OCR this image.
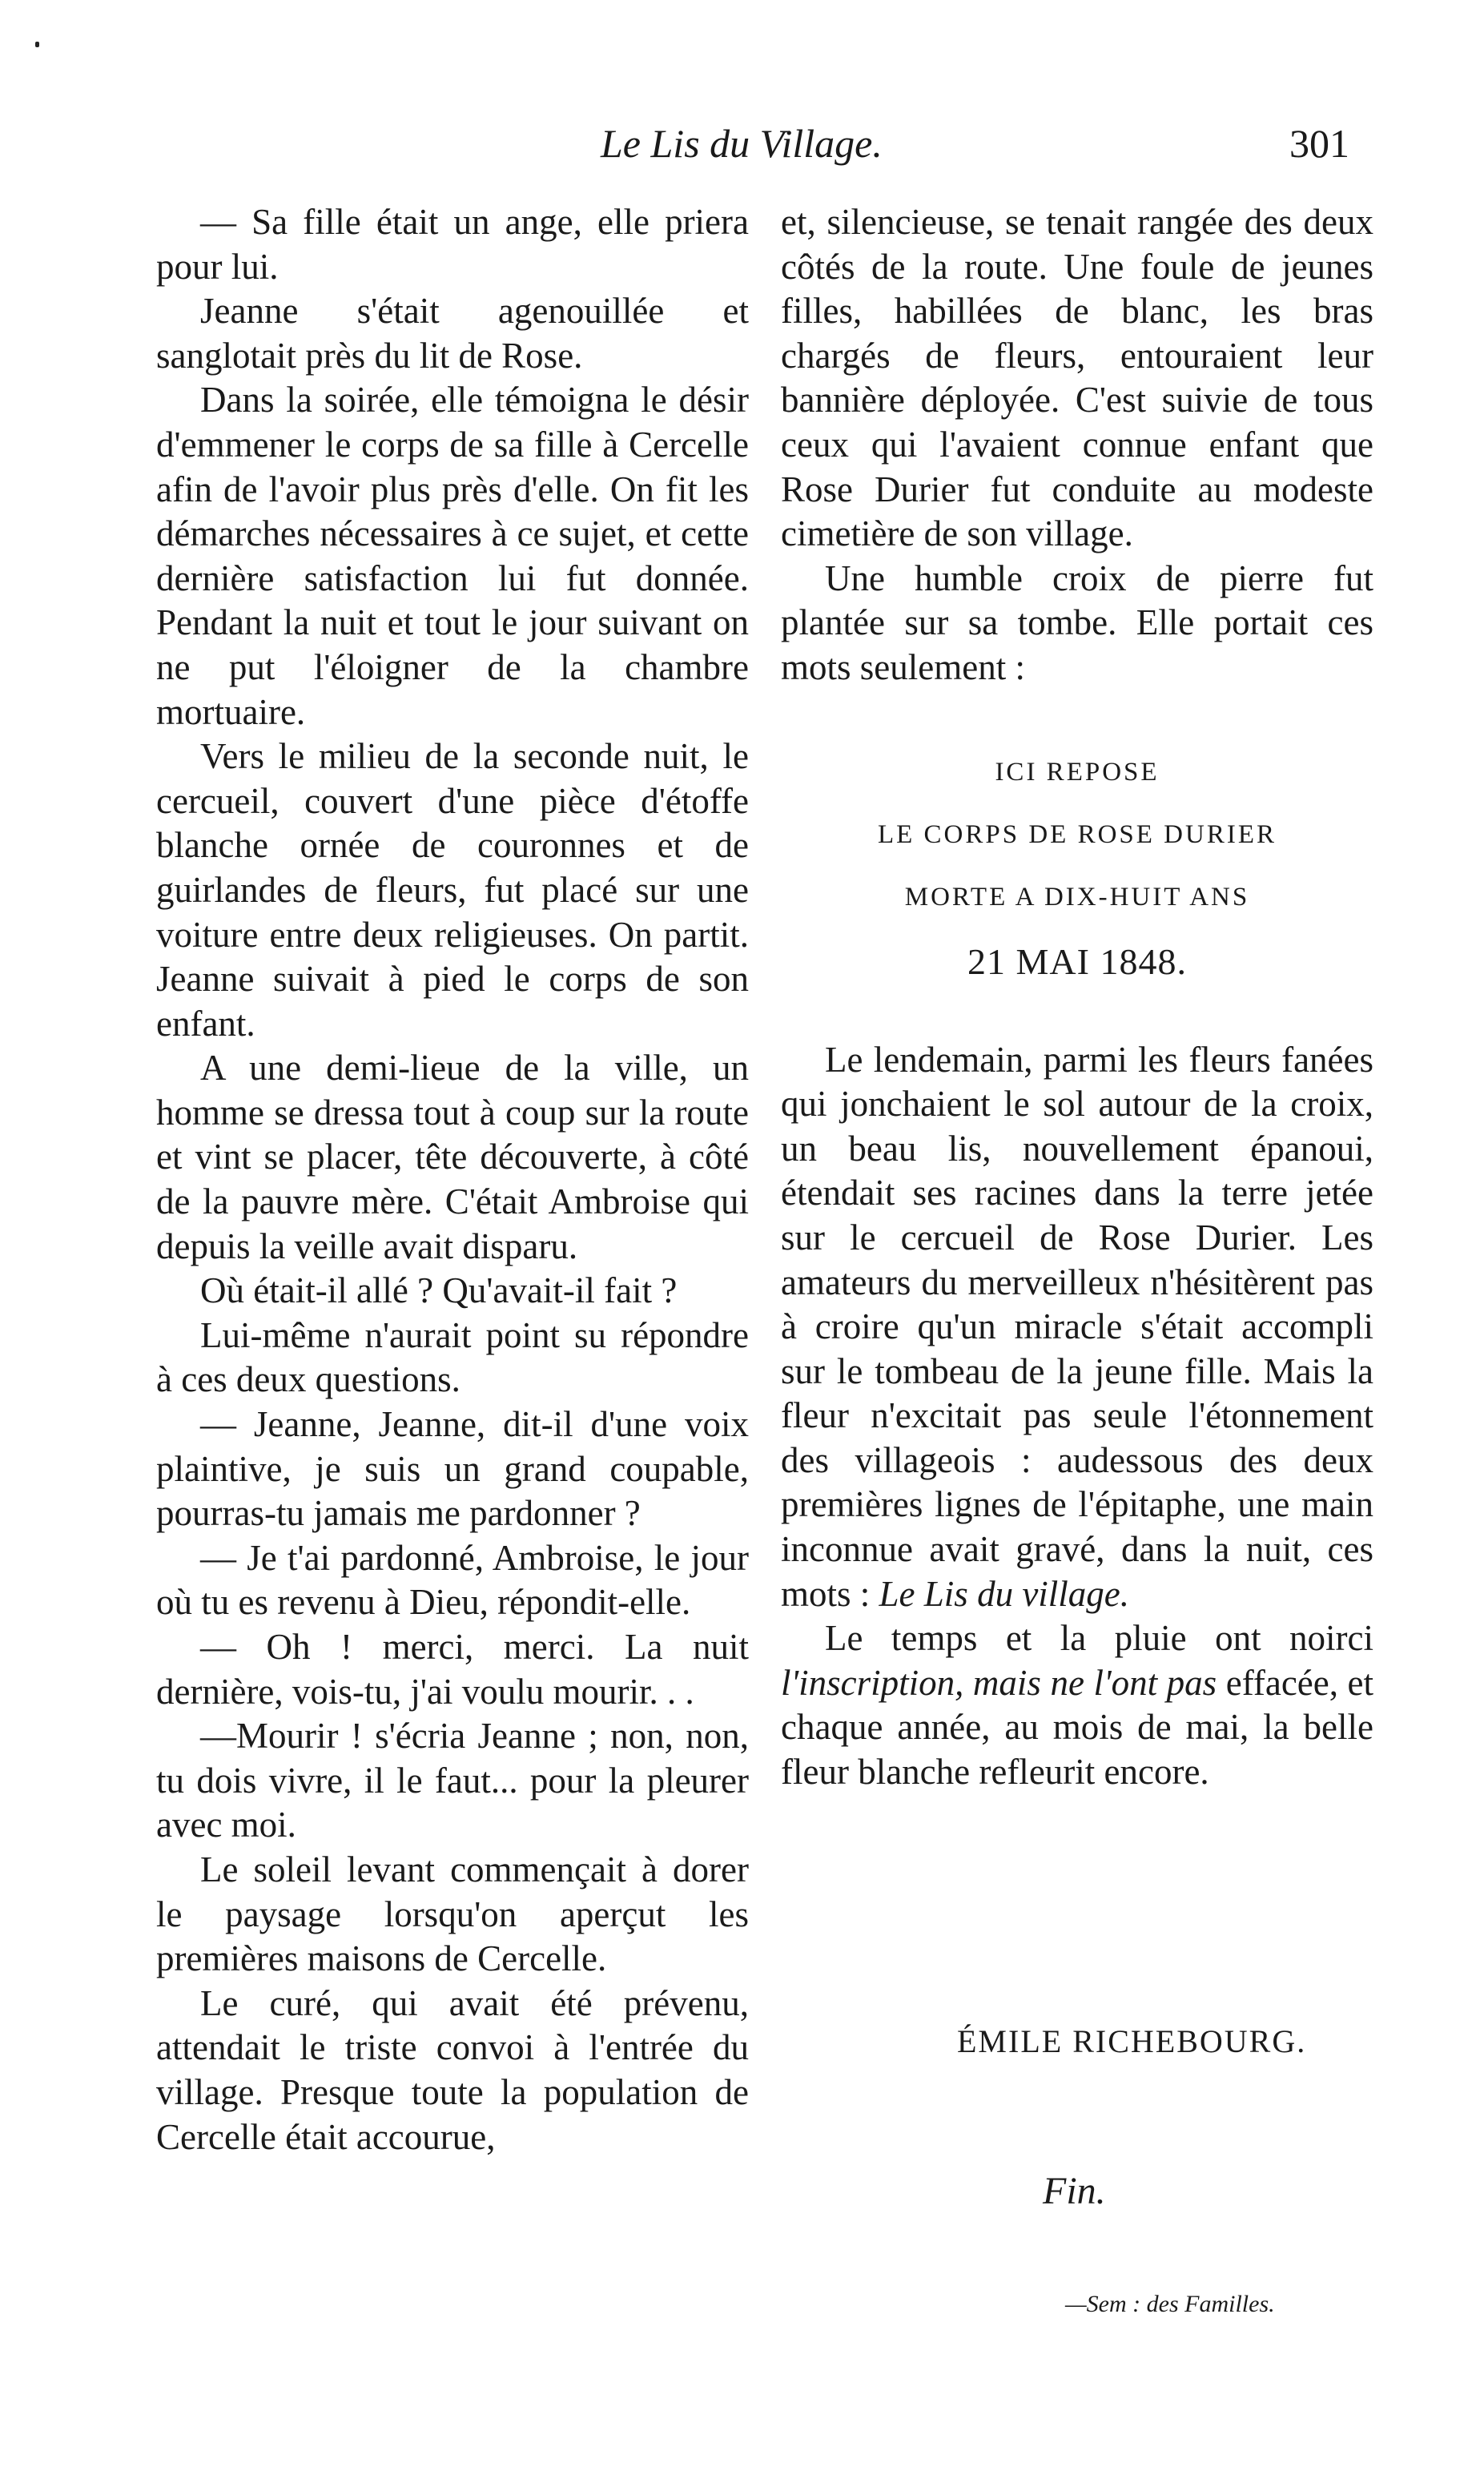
Le Lis du Village.	301

— Sa fille était un ange, elle priera pour lui.

Jeanne s'était agenouillée et sanglotait près du lit de Rose.

Dans la soirée, elle témoigna le désir d'emmener le corps de sa fille à Cercelle afin de l'avoir plus près d'elle. On fit les démarches nécessaires à ce sujet, et cette dernière satisfaction lui fut donnée. Pendant la nuit et tout le jour suivant on ne put l'éloigner de la chambre mortuaire.

Vers le milieu de la seconde nuit, le cercueil, couvert d'une pièce d'étoffe blanche ornée de couronnes et de guirlandes de fleurs, fut placé sur une voiture entre deux religieuses. On partit. Jeanne suivait à pied le corps de son enfant.

A une demi-lieue de la ville, un homme se dressa tout à coup sur la route et vint se placer, tête découverte, à côté de la pauvre mère. C'était Ambroise qui depuis la veille avait disparu.

Où était-il allé ? Qu'avait-il fait ?

Lui-même n'aurait point su répondre à ces deux questions.

— Jeanne, Jeanne, dit-il d'une voix plaintive, je suis un grand coupable, pourras-tu jamais me pardonner ?

— Je t'ai pardonné, Ambroise, le jour où tu es revenu à Dieu, répondit-elle.

— Oh ! merci, merci. La nuit dernière, vois-tu, j'ai voulu mourir. . .

—Mourir ! s'écria Jeanne ; non, non, tu dois vivre, il le faut... pour la pleurer avec moi.

Le soleil levant commençait à dorer le paysage lorsqu'on aperçut les premières maisons de Cercelle.

Le curé, qui avait été prévenu, attendait le triste convoi à l'entrée du village. Presque toute la population de Cercelle était accourue,

et, silencieuse, se tenait rangée des deux côtés de la route. Une foule de jeunes filles, habillées de blanc, les bras chargés de fleurs, entouraient leur bannière déployée. C'est suivie de tous ceux qui l'avaient connue enfant que Rose Durier fut conduite au modeste cimetière de son village.

Une humble croix de pierre fut plantée sur sa tombe. Elle portait ces mots seulement :

ICI REPOSE
LE CORPS DE ROSE DURIER
MORTE A DIX-HUIT ANS
21 MAI 1848.

Le lendemain, parmi les fleurs fanées qui jonchaient le sol autour de la croix, un beau lis, nouvellement épanoui, étendait ses racines dans la terre jetée sur le cercueil de Rose Durier. Les amateurs du merveilleux n'hésitèrent pas à croire qu'un miracle s'était accompli sur le tombeau de la jeune fille. Mais la fleur n'excitait pas seule l'étonnement des villageois : audessous des deux premières lignes de l'épitaphe, une main inconnue avait gravé, dans la nuit, ces mots : Le Lis du village.

Le temps et la pluie ont noirci l'inscription, mais ne l'ont pas effacée, et chaque année, au mois de mai, la belle fleur blanche refleurit encore.

ÉMILE RICHEBOURG.
Fin.
—Sem : des Familles.
